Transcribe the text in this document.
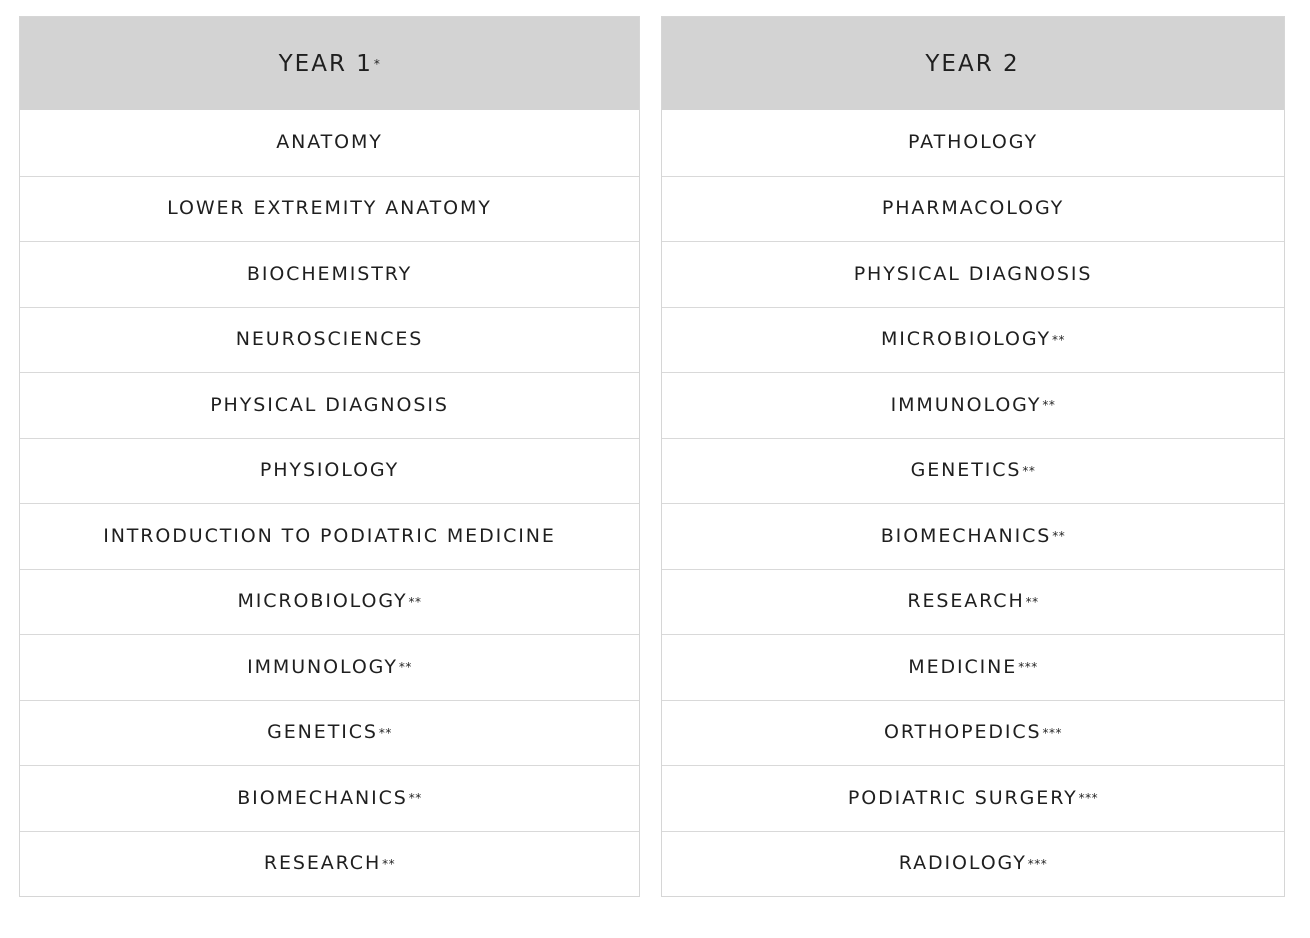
YEAR 1 *
ANATOMY
LOWER EXTREMITY ANATOMY
BIOCHEMISTRY
NEUROSCIENCES
PHYSICAL DIAGNOSIS
PHYSIOLOGY
INTRODUCTION TO PODIATRIC MEDICINE
MICROBIOLOGY **
IMMUNOLOGY **
GENETICS **
BIOMECHANICS **
RESEARCH **
YEAR 2
PATHOLOGY
PHARMACOLOGY
PHYSICAL DIAGNOSIS
MICROBIOLOGY **
IMMUNOLOGY **
GENETICS **
BIOMECHANICS **
RESEARCH **
MEDICINE ***
ORTHOPEDICS ***
PODIATRIC SURGERY ***
RADIOLOGY ***
